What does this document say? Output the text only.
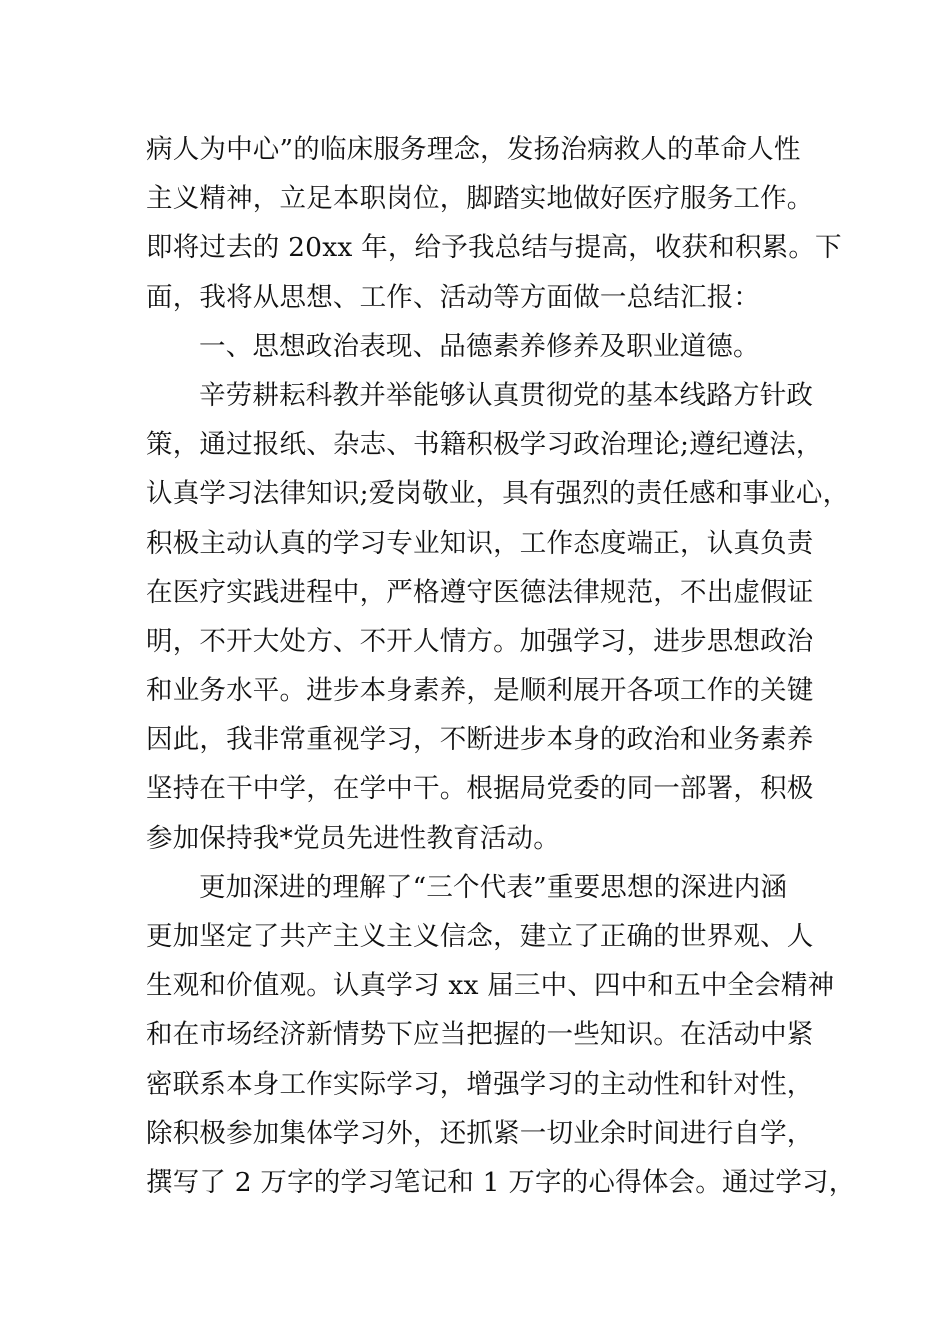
病人为中心”的临床服务理念，发扬治病救人的革命人性
主义精神，立足本职岗位，脚踏实地做好医疗服务工作。
即将过去的 20xx 年，给予我总结与提高，收获和积累。下
面，我将从思想、工作、活动等方面做一总结汇报：
一、思想政治表现、品德素养修养及职业道德。
辛劳耕耘科教并举能够认真贯彻党的基本线路方针政
策，通过报纸、杂志、书籍积极学习政治理论;遵纪遵法，
认真学习法律知识;爱岗敬业，具有强烈的责任感和事业心，
积极主动认真的学习专业知识，工作态度端正，认真负责
在医疗实践进程中，严格遵守医德法律规范，不出虚假证
明，不开大处方、不开人情方。加强学习，进步思想政治
和业务水平。进步本身素养，是顺利展开各项工作的关键
因此，我非常重视学习，不断进步本身的政治和业务素养
坚持在干中学，在学中干。根据局党委的同一部署，积极
参加保持我*党员先进性教育活动。
更加深进的理解了“三个代表”重要思想的深进内涵
更加坚定了共产主义主义信念，建立了正确的世界观、人
生观和价值观。认真学习 xx 届三中、四中和五中全会精神
和在市场经济新情势下应当把握的一些知识。在活动中紧
密联系本身工作实际学习，增强学习的主动性和针对性，
除积极参加集体学习外，还抓紧一切业余时间进行自学，
撰写了 2 万字的学习笔记和 1 万字的心得体会。通过学习，
